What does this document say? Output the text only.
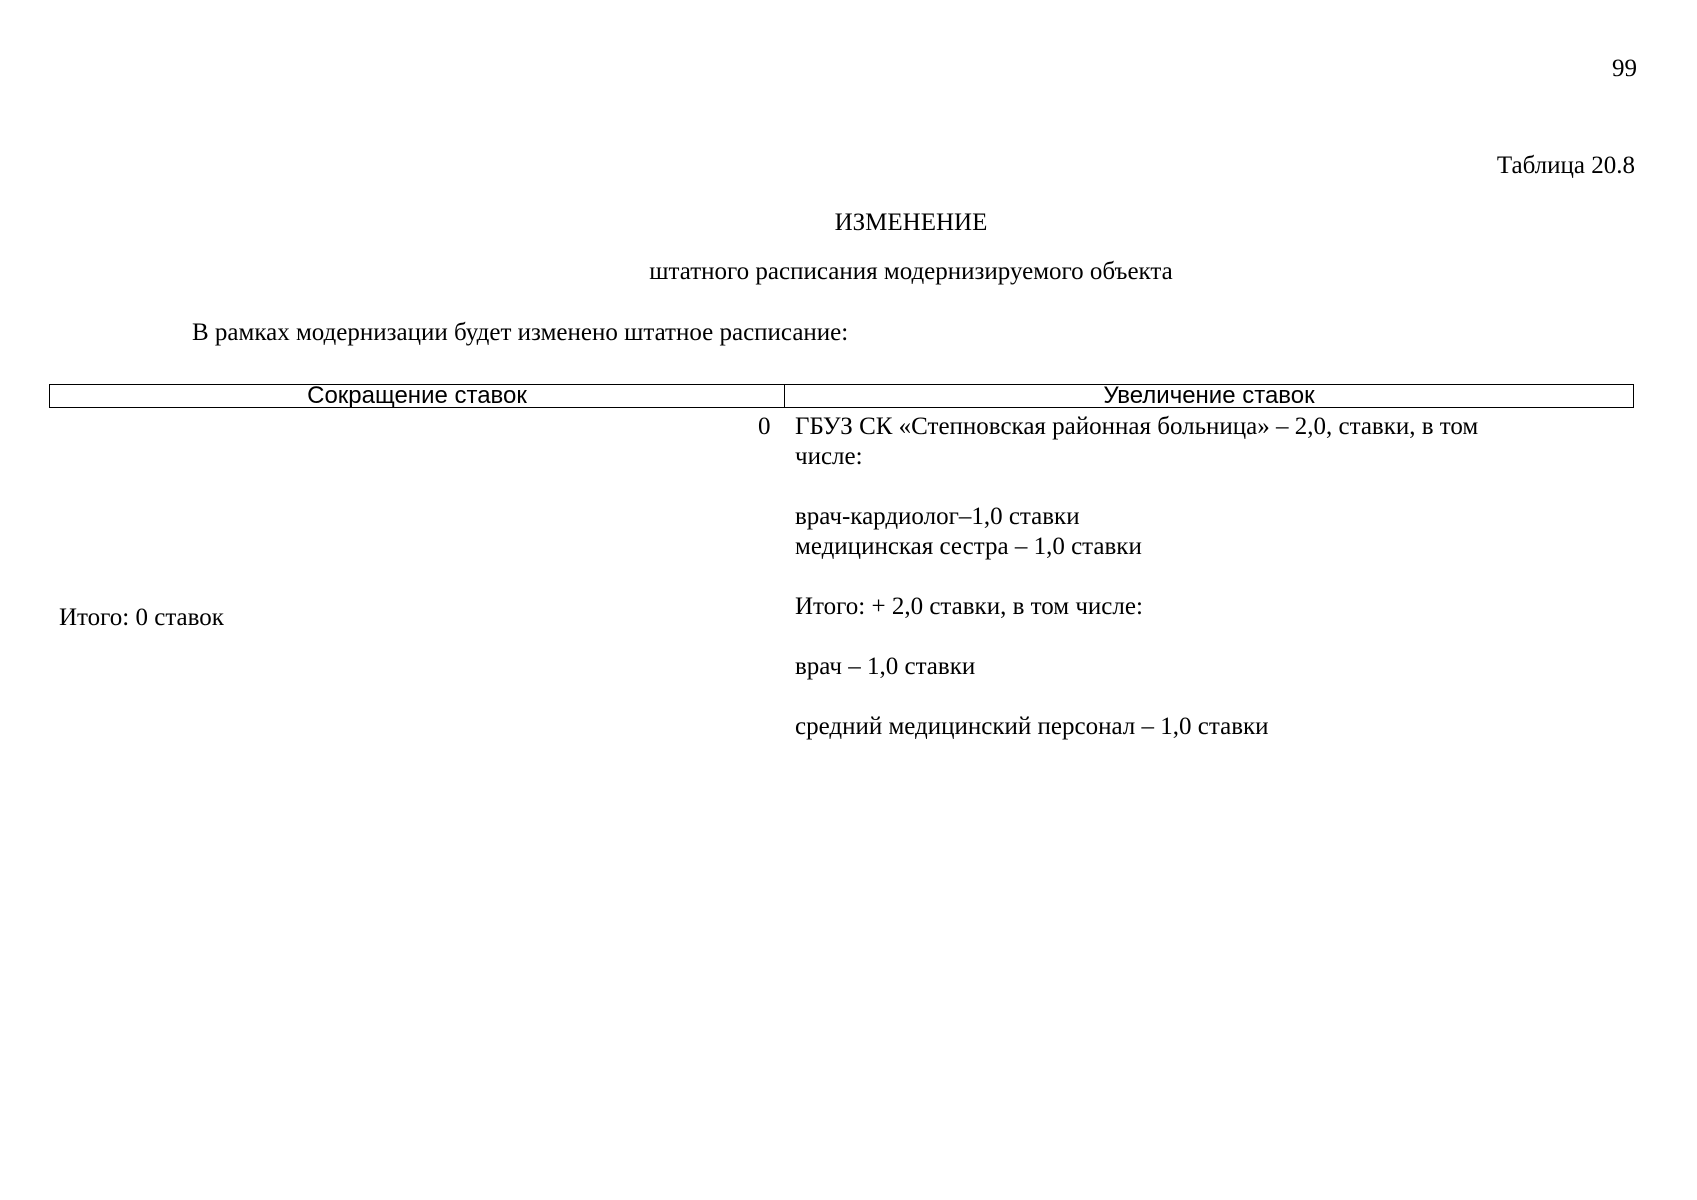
99
Таблица 20.8
ИЗМЕНЕНИЕ
штатного расписания модернизируемого объекта
В рамках модернизации будет изменено штатное расписание:
Сокращение ставок	Увеличение ставок
0
Итого: 0 ставок
ГБУЗ СК «Степновская районная больница» – 2,0, ставки, в том
числе:
врач-кардиолог–1,0 ставки
медицинская сестра – 1,0 ставки
Итого: + 2,0 ставки, в том числе:
врач – 1,0 ставки
средний медицинский персонал – 1,0 ставки
